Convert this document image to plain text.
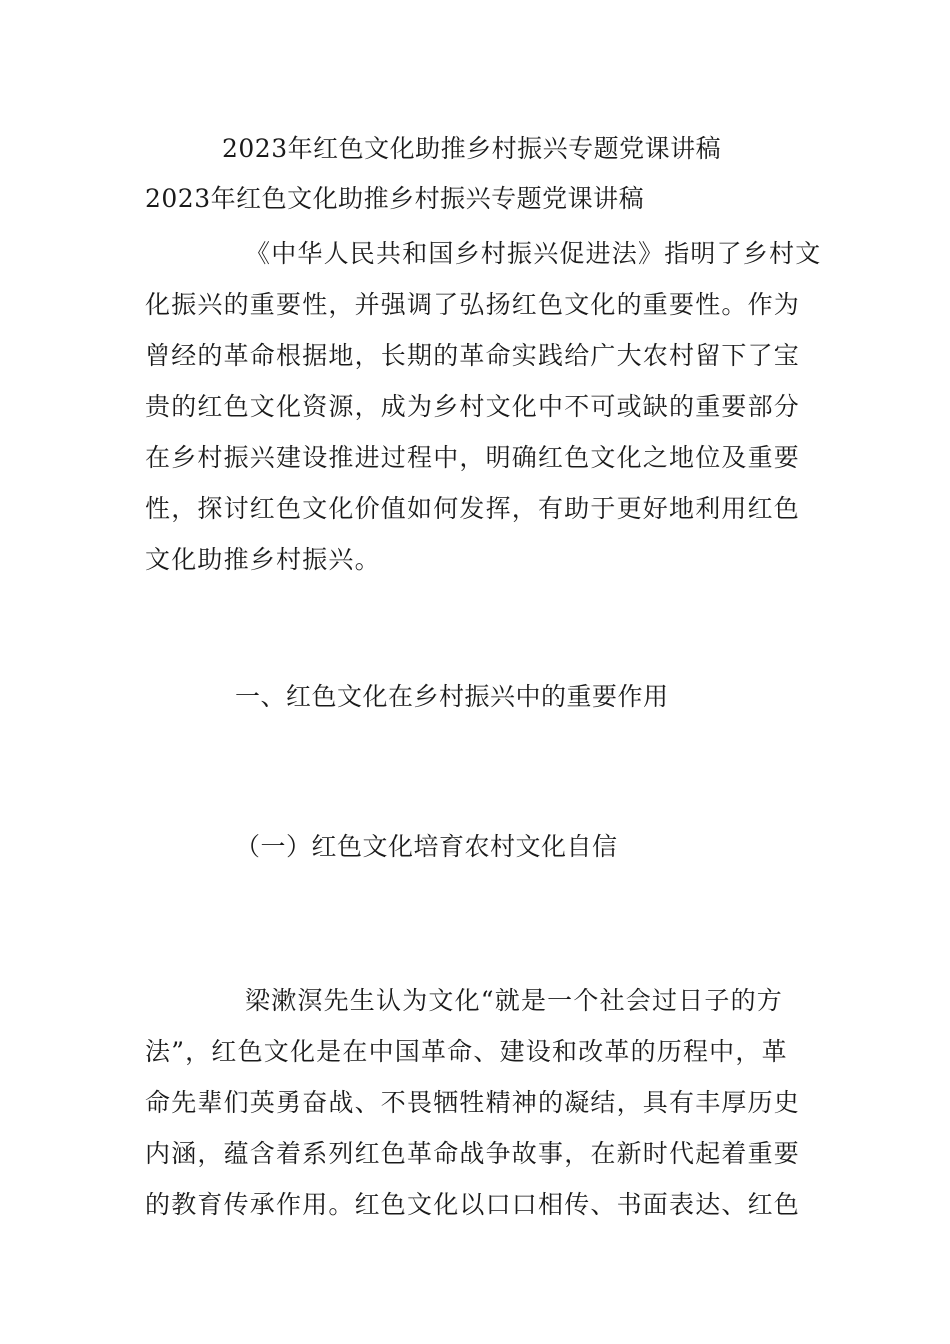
2023年红色文化助推乡村振兴专题党课讲稿
2023年红色文化助推乡村振兴专题党课讲稿
《中华人民共和国乡村振兴促进法》指明了乡村文
化振兴的重要性，并强调了弘扬红色文化的重要性。作为
曾经的革命根据地，长期的革命实践给广大农村留下了宝
贵的红色文化资源，成为乡村文化中不可或缺的重要部分
在乡村振兴建设推进过程中，明确红色文化之地位及重要
性，探讨红色文化价值如何发挥，有助于更好地利用红色
文化助推乡村振兴。
一、红色文化在乡村振兴中的重要作用
（一）红色文化培育农村文化自信
梁漱溟先生认为文化“就是一个社会过日子的方
法”，红色文化是在中国革命、建设和改革的历程中，革
命先辈们英勇奋战、不畏牺牲精神的凝结，具有丰厚历史
内涵，蕴含着系列红色革命战争故事，在新时代起着重要
的教育传承作用。红色文化以口口相传、书面表达、红色
